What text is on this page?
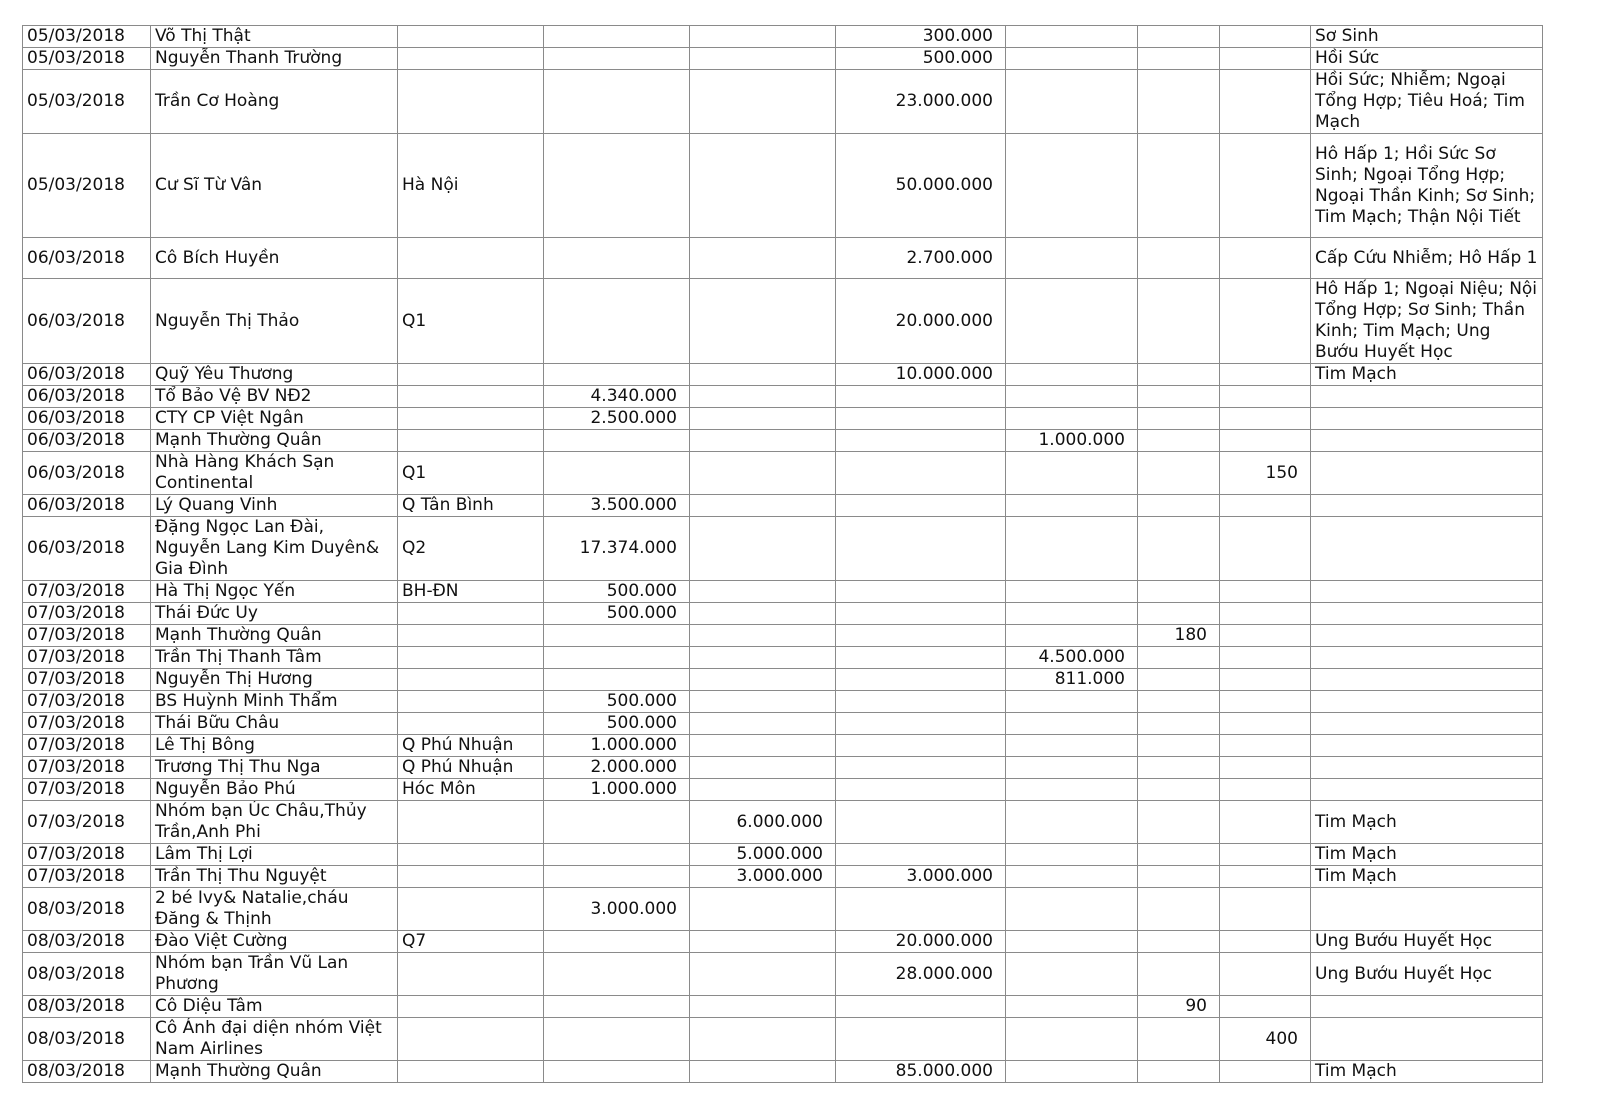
05/03/2018	Võ Thị Thật				300.000				Sơ Sinh
05/03/2018	Nguyễn Thanh Trường				500.000				Hồi Sức
05/03/2018	Trần Cơ Hoàng				23.000.000				Hồi Sức; Nhiễm; Ngoại Tổng Hợp; Tiêu Hoá; Tim Mạch
05/03/2018	Cư Sĩ Từ Vân	Hà Nội			50.000.000				Hô Hấp 1; Hồi Sức Sơ Sinh; Ngoại Tổng Hợp; Ngoại Thần Kinh; Sơ Sinh; Tim Mạch; Thận Nội Tiết
06/03/2018	Cô Bích Huyền				2.700.000				Cấp Cứu Nhiễm; Hô Hấp 1
06/03/2018	Nguyễn Thị Thảo	Q1			20.000.000				Hô Hấp 1; Ngoại Niệu; Nội Tổng Hợp; Sơ Sinh; Thần Kinh; Tim Mạch; Ung Bướu Huyết Học
06/03/2018	Quỹ Yêu Thương				10.000.000				Tim Mạch
06/03/2018	Tổ Bảo Vệ BV NĐ2		4.340.000						
06/03/2018	CTY CP Việt Ngân		2.500.000						
06/03/2018	Mạnh Thường Quân					1.000.000			
06/03/2018	Nhà Hàng Khách Sạn Continental	Q1						150	
06/03/2018	Lý Quang Vinh	Q Tân Bình	3.500.000						
06/03/2018	Đặng Ngọc Lan Đài, Nguyễn Lang Kim Duyên& Gia Đình	Q2	17.374.000						
07/03/2018	Hà Thị Ngọc Yến	BH-ĐN	500.000						
07/03/2018	Thái Đức Uy		500.000						
07/03/2018	Mạnh Thường Quân						180		
07/03/2018	Trần Thị Thanh Tâm					4.500.000			
07/03/2018	Nguyễn Thị Hương					811.000			
07/03/2018	BS Huỳnh Minh Thẩm		500.000						
07/03/2018	Thái Bữu Châu		500.000						
07/03/2018	Lê Thị Bông	Q Phú Nhuận	1.000.000						
07/03/2018	Trương Thị Thu Nga	Q Phú Nhuận	2.000.000						
07/03/2018	Nguyễn Bảo Phú	Hóc Môn	1.000.000						
07/03/2018	Nhóm bạn Úc Châu,Thủy Trần,Anh Phi			6.000.000					Tim Mạch
07/03/2018	Lâm Thị Lợi			5.000.000					Tim Mạch
07/03/2018	Trần Thị Thu Nguyệt			3.000.000	3.000.000				Tim Mạch
08/03/2018	2 bé Ivy& Natalie,cháu Đăng & Thịnh		3.000.000						
08/03/2018	Đào Việt Cường	Q7			20.000.000				Ung Bướu Huyết Học
08/03/2018	Nhóm bạn Trần Vũ Lan Phương				28.000.000				Ung Bướu Huyết Học
08/03/2018	Cô Diệu Tâm						90		
08/03/2018	Cô Ánh đại diện nhóm Việt Nam Airlines							400	
08/03/2018	Mạnh Thường Quân				85.000.000				Tim Mạch
